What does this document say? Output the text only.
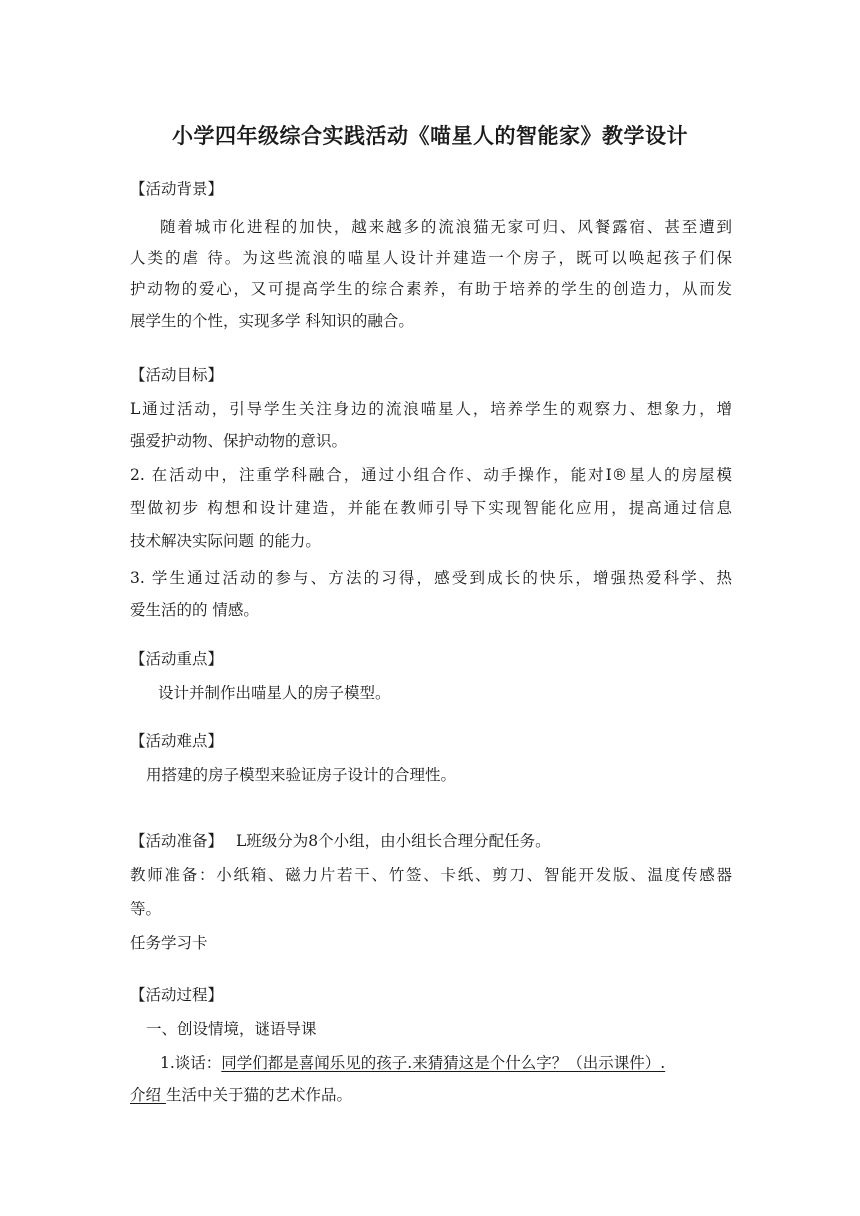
小学四年级综合实践活动《喵星人的智能家》教学设计
【活动背景】
随着城市化进程的加快，越来越多的流浪猫无家可归、风餐露宿、甚至遭到
人类的虐 待。为这些流浪的喵星人设计并建造一个房子，既可以唤起孩子们保
护动物的爱心，又可提高学生的综合素养，有助于培养的学生的创造力，从而发
展学生的个性，实现多学 科知识的融合。
【活动目标】
L通过活动，引导学生关注身边的流浪喵星人，培养学生的观察力、想象力，增
强爱护动物、保护动物的意识。
2. 在活动中，注重学科融合，通过小组合作、动手操作，能对I®星人的房屋模
型做初步 构想和设计建造，并能在教师引导下实现智能化应用，提高通过信息
技术解决实际问题 的能力。
3. 学生通过活动的参与、方法的习得，感受到成长的快乐，增强热爱科学、热
爱生活的的 情感。
【活动重点】
设计并制作出喵星人的房子模型。
【活动难点】
用搭建的房子模型来验证房子设计的合理性。
【活动准备】 L班级分为8个小组，由小组长合理分配任务。
教师准备：小纸箱、磁力片若干、竹签、卡纸、剪刀、智能开发版、温度传感器
等。
任务学习卡
【活动过程】
一、创设情境，谜语导课
1.谈话：同学们都是喜闻乐见的孩子.来猜猜这是个什么字？（出示课件）.
介绍 生活中关于猫的艺术作品。
